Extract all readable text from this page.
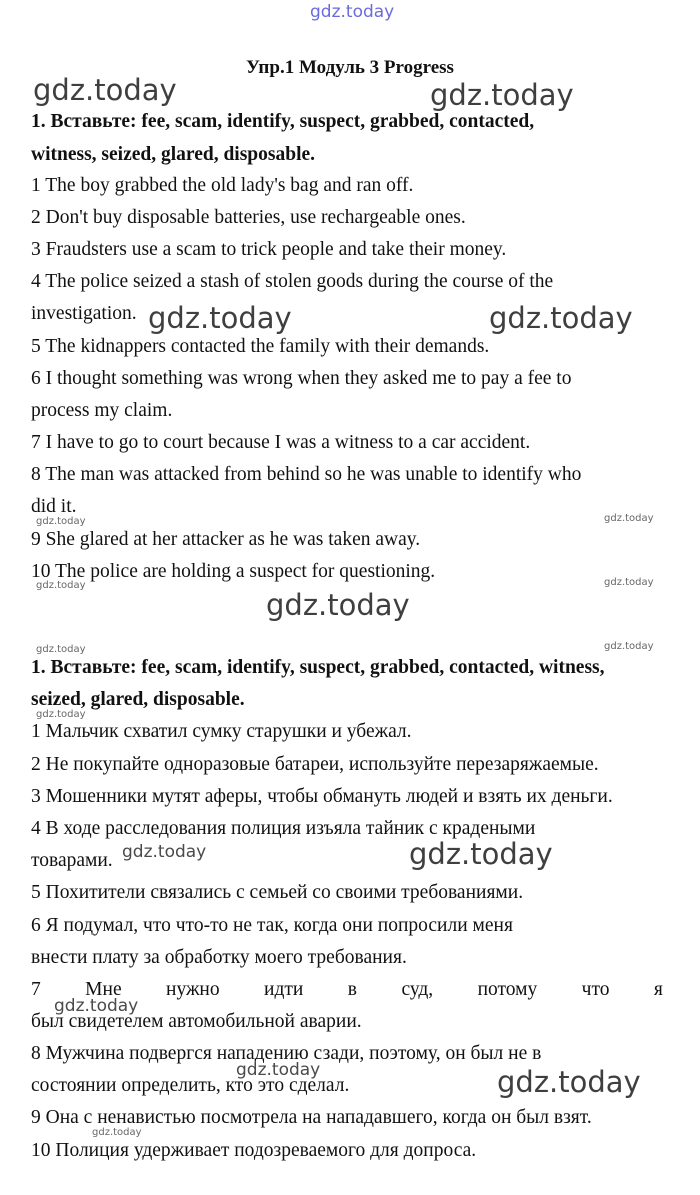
Упр.1 Модуль 3 Progress
1. Вставьте: fee, scam, identify, suspect, grabbed, contacted,
witness, seized, glared, disposable.
1 The boy grabbed the old lady's bag and ran off.
2 Don't buy disposable batteries, use rechargeable ones.
3 Fraudsters use a scam to trick people and take their money.
4 The police seized a stash of stolen goods during the course of the
investigation.
5 The kidnappers contacted the family with their demands.
6 I thought something was wrong when they asked me to pay a fee to
process my claim.
7 I have to go to court because I was a witness to a car accident.
8 The man was attacked from behind so he was unable to identify who
did it.
9 She glared at her attacker as he was taken away.
10 The police are holding a suspect for questioning.
1. Вставьте: fee, scam, identify, suspect, grabbed, contacted, witness,
seized, glared, disposable.
1 Мальчик схватил сумку старушки и убежал.
2 Не покупайте одноразовые батареи, используйте перезаряжаемые.
3 Мошенники мутят аферы, чтобы обмануть людей и взять их деньги.
4 В ходе расследования полиция изъяла тайник с крадеными
товарами.
5 Похитители связались с семьей со своими требованиями.
6 Я подумал, что что-то не так, когда они попросили меня
внести плату за обработку моего требования.
7 Мне нужно идти в суд, потому что я
был свидетелем автомобильной аварии.
8 Мужчина подвергся нападению сзади, поэтому, он был не в
состоянии определить, кто это сделал.
9 Она с ненавистью посмотрела на нападавшего, когда он был взят.
10 Полиция удерживает подозреваемого для допроса.
gdz.today
gdz.today	gdz.today
gdz.today	gdz.today
gdz.today
gdz.today
gdz.today
gdz.today
gdz.today
gdz.today
gdz.today	gdz.today
gdz.today	gdz.today
gdz.today	gdz.today
gdz.today
gdz.today
